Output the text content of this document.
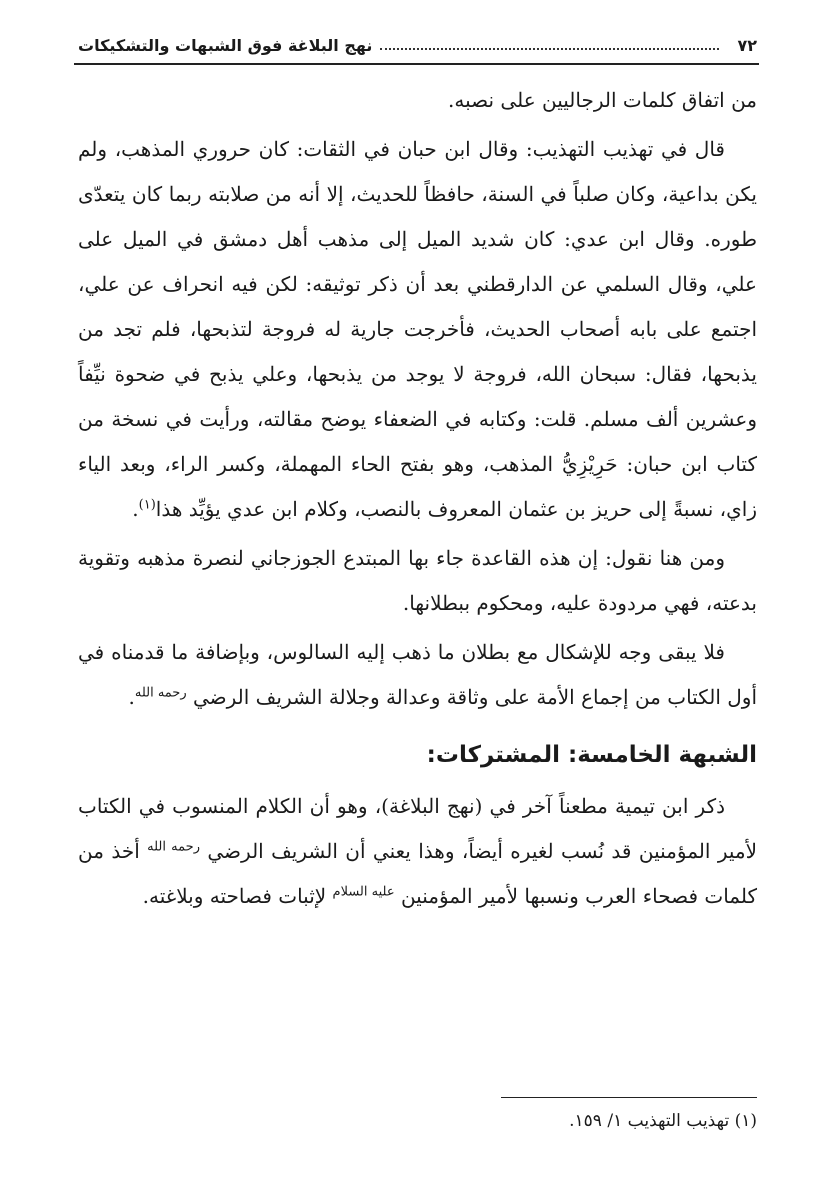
٧٢
نهج البلاغة فوق الشبهات والتشكيكات

من اتفاق كلمات الرجاليين على نصبه.

قال في تهذيب التهذيب: وقال ابن حبان في الثقات: كان حروري المذهب، ولم يكن بداعية، وكان صلباً في السنة، حافظاً للحديث، إلا أنه من صلابته ربما كان يتعدّى طوره. وقال ابن عدي: كان شديد الميل إلى مذهب أهل دمشق في الميل على علي، وقال السلمي عن الدارقطني بعد أن ذكر توثيقه: لكن فيه انحراف عن علي، اجتمع على بابه أصحاب الحديث، فأخرجت جارية له فروجة لتذبحها، فلم تجد من يذبحها، فقال: سبحان الله، فروجة لا يوجد من يذبحها، وعلي يذبح في ضحوة نيِّفاً وعشرين ألف مسلم. قلت: وكتابه في الضعفاء يوضح مقالته، ورأيت في نسخة من كتاب ابن حبان: حَرِيْزِيُّ المذهب، وهو بفتح الحاء المهملة، وكسر الراء، وبعد الياء زاي، نسبةً إلى حريز بن عثمان المعروف بالنصب، وكلام ابن عدي يؤيِّد هذا$^{(١)}$.

ومن هنا نقول: إن هذه القاعدة جاء بها المبتدع الجوزجاني لنصرة مذهبه وتقوية بدعته، فهي مردودة عليه، ومحكوم ببطلانها.

فلا يبقى وجه للإشكال مع بطلان ما ذهب إليه السالوس، وبإضافة ما قدمناه في أول الكتاب من إجماع الأمة على وثاقة وعدالة وجلالة الشريف الرضي $^{رحمه الله}$.

الشبهة الخامسة: المشتركات:

ذكر ابن تيمية مطعناً آخر في (نهج البلاغة)، وهو أن الكلام المنسوب في الكتاب لأمير المؤمنين قد نُسب لغيره أيضاً، وهذا يعني أن الشريف الرضي $^{رحمه الله}$ أخذ من كلمات فصحاء العرب ونسبها لأمير المؤمنين $^{عليه السلام}$ لإثبات فصاحته وبلاغته.

(١) تهذيب التهذيب ١/ ١٥٩.
